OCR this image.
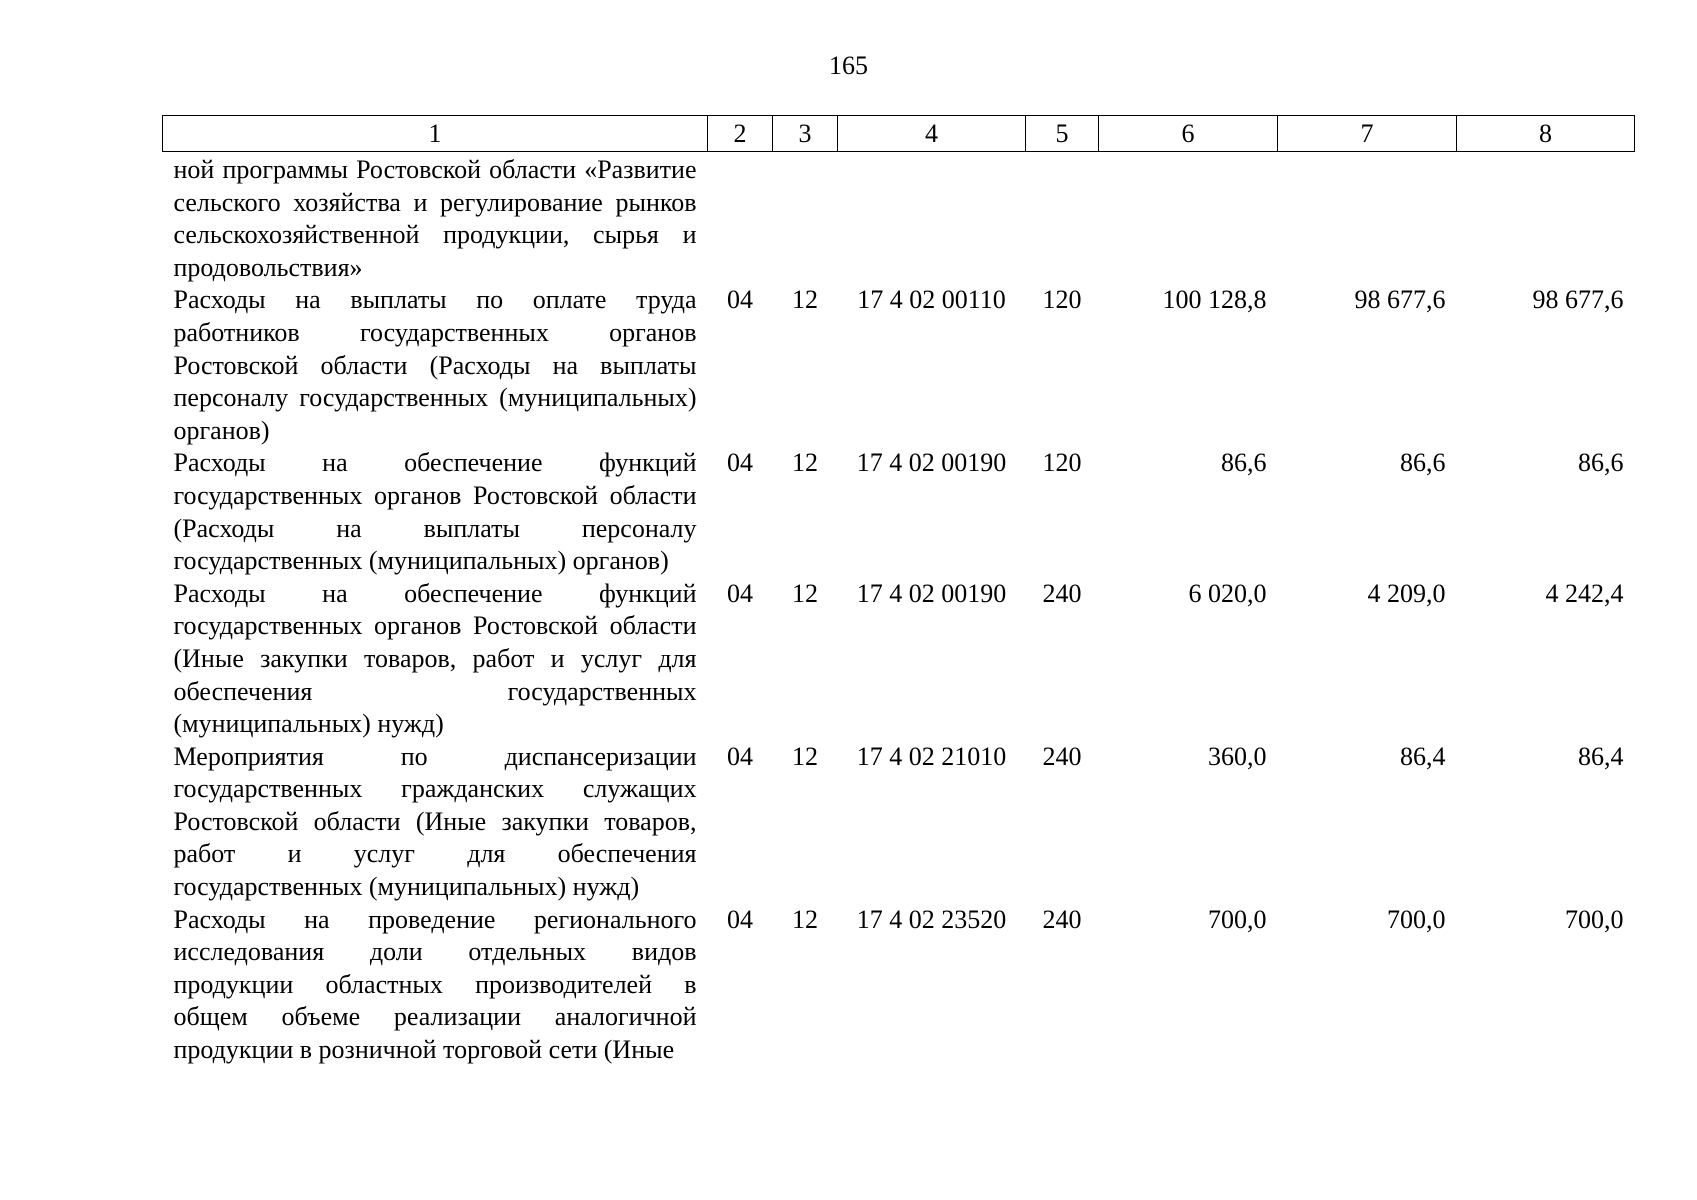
165
1	2	3	4	5	6	7	8
ной программы Ростовской области «Развитие сельского хозяйства и регулирование рынков сельскохозяйственной продукции, сырья и продовольствия»							
Расходы на выплаты по оплате труда работников государственных органов Ростовской области (Расходы на выплаты персоналу государственных (муниципальных) органов)	04	12	17 4 02 00110	120	100 128,8	98 677,6	98 677,6
Расходы на обеспечение функций государственных органов Ростовской области (Расходы на выплаты персоналу государственных (муниципальных) органов)	04	12	17 4 02 00190	120	86,6	86,6	86,6
Расходы на обеспечение функций государственных органов Ростовской области (Иные закупки товаров, работ и услуг для обеспечения государственных (муниципальных) нужд)	04	12	17 4 02 00190	240	6 020,0	4 209,0	4 242,4
Мероприятия по диспансеризации государственных гражданских служащих Ростовской области (Иные закупки товаров, работ и услуг для обеспечения государственных (муниципальных) нужд)	04	12	17 4 02 21010	240	360,0	86,4	86,4
Расходы на проведение регионального исследования доли отдельных видов продукции областных производителей в общем объеме реализации аналогичной продукции в розничной торговой сети (Иные	04	12	17 4 02 23520	240	700,0	700,0	700,0
